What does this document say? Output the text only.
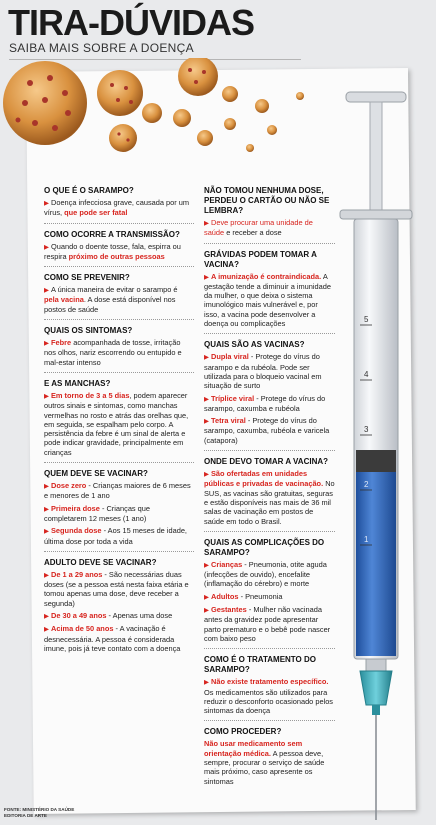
TIRA-DÚVIDAS
SAIBA MAIS SOBRE A DOENÇA
5
4
3
2
1
O QUE É O SARAMPO?
▶ Doença infecciosa grave, causada por um vírus, que pode ser fatal
COMO OCORRE A TRANSMISSÃO?
▶ Quando o doente tosse, fala, espirra ou respira próximo de outras pessoas
COMO SE PREVENIR?
▶ A única maneira de evitar o sarampo é pela vacina. A dose está disponível nos postos de saúde
QUAIS OS SINTOMAS?
▶ Febre acompanhada de tosse, irritação nos olhos, nariz escorrendo ou entupido e mal-estar intenso
E AS MANCHAS?
▶ Em torno de 3 a 5 dias, podem aparecer outros sinais e sintomas, como manchas vermelhas no rosto e atrás das orelhas que, em seguida, se espalham pelo corpo. A persistência da febre é um sinal de alerta e pode indicar gravidade, principalmente em crianças
QUEM DEVE SE VACINAR?
▶ Dose zero - Crianças maiores de 6 meses e menores de 1 ano
▶ Primeira dose - Crianças que completarem 12 meses (1 ano)
▶ Segunda dose - Aos 15 meses de idade, última dose por toda a vida
ADULTO DEVE SE VACINAR?
▶ De 1 a 29 anos - São necessárias duas doses (se a pessoa está nesta faixa etária e tomou apenas uma dose, deve receber a segunda)
▶ De 30 a 49 anos - Apenas uma dose
▶ Acima de 50 anos - A vacinação é desnecessária. A pessoa é considerada imune, pois já teve contato com a doença
NÃO TOMOU NENHUMA DOSE, PERDEU O CARTÃO OU NÃO SE LEMBRA?
▶ Deve procurar uma unidade de saúde e receber a dose
GRÁVIDAS PODEM TOMAR A VACINA?
▶ A imunização é contraindicada. A gestação tende a diminuir a imunidade da mulher, o que deixa o sistema imunológico mais vulnerável e, por isso, a vacina pode desenvolver a doença ou complicações
QUAIS SÃO AS VACINAS?
▶ Dupla viral - Protege do vírus do sarampo e da rubéola. Pode ser utilizada para o bloqueio vacinal em situação de surto
▶ Tríplice viral - Protege do vírus do sarampo, caxumba e rubéola
▶ Tetra viral - Protege do vírus do sarampo, caxumba, rubéola e varicela (catapora)
ONDE DEVO TOMAR A VACINA?
▶ São ofertadas em unidades públicas e privadas de vacinação. No SUS, as vacinas são gratuitas, seguras e estão disponíveis nas mais de 36 mil salas de vacinação em postos de saúde em todo o Brasil.
QUAIS AS COMPLICAÇÕES DO SARAMPO?
▶ Crianças - Pneumonia, otite aguda (infecções de ouvido), encefalite (inflamação do cérebro) e morte
▶ Adultos - Pneumonia
▶ Gestantes - Mulher não vacinada antes da gravidez pode apresentar parto prematuro e o bebê pode nascer com baixo peso
COMO É O TRATAMENTO DO SARAMPO?
▶ Não existe tratamento específico. Os medicamentos são utilizados para reduzir o desconforto ocasionado pelos sintomas da doença
COMO PROCEDER?
Não usar medicamento sem orientação médica. A pessoa deve, sempre, procurar o serviço de saúde mais próximo, caso apresente os sintomas
FONTE: MINISTÉRIO DA SAÚDE
EDITORIA DE ARTE
